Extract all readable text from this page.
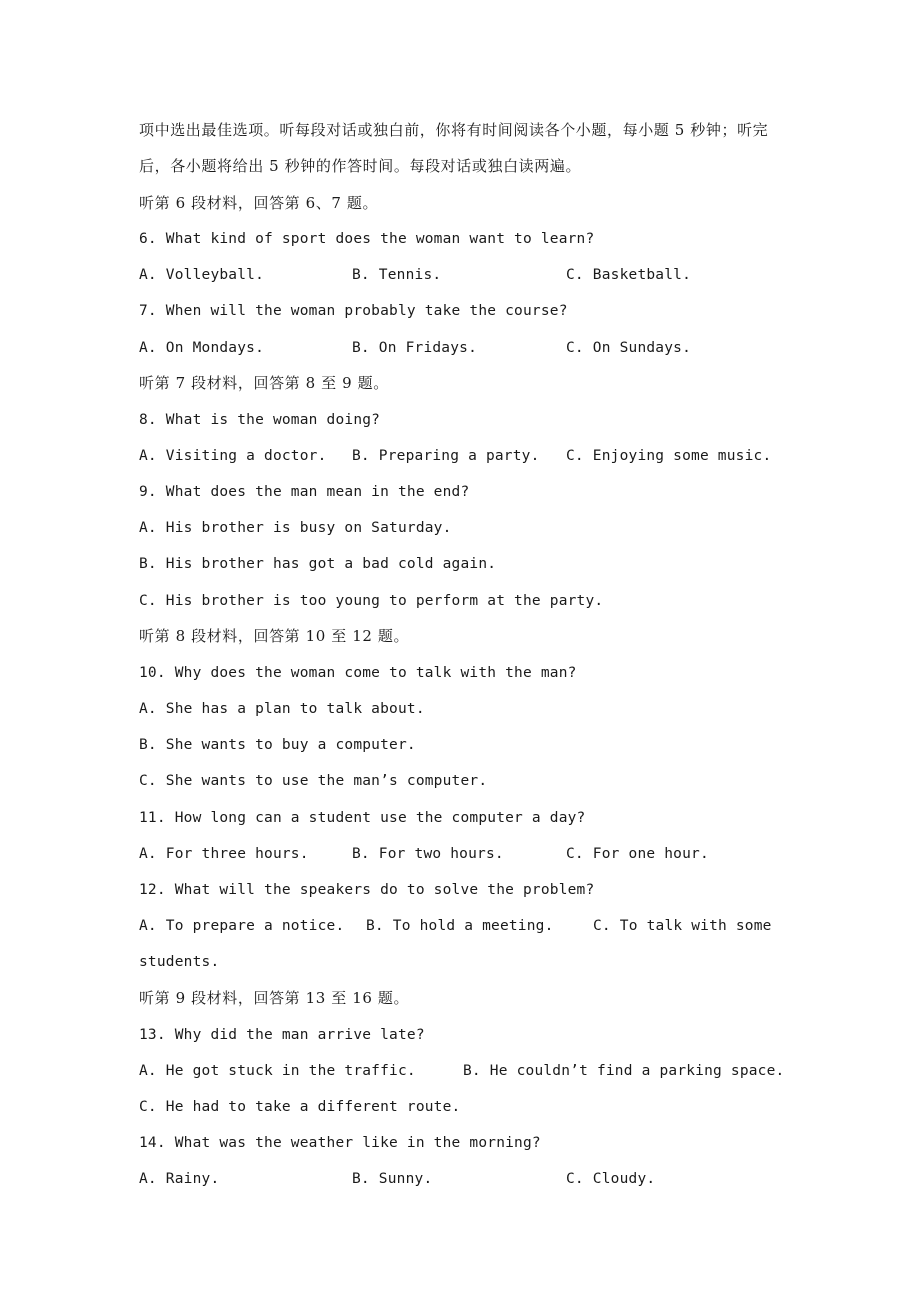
项中选出最佳选项。听每段对话或独白前，你将有时间阅读各个小题，每小题 5 秒钟；听完
后，各小题将给出 5 秒钟的作答时间。每段对话或独白读两遍。
听第 6 段材料，回答第 6、7 题。
6. What kind of sport does the woman want to learn?
A. Volleyball.	B. Tennis.	C. Basketball.
7. When will the woman probably take the course?
A. On Mondays.	B. On Fridays.	C. On Sundays.
听第 7 段材料，回答第 8 至 9 题。
8. What is the woman doing?
A. Visiting a doctor. B. Preparing a party. C. Enjoying some music.
9. What does the man mean in the end?
A. His brother is busy on Saturday.
B. His brother has got a bad cold again.
C. His brother is too young to perform at the party.
听第 8 段材料，回答第 10 至 12 题。
10. Why does the woman come to talk with the man?
A. She has a plan to talk about.
B. She wants to buy a computer.
C. She wants to use the man’s computer.
11. How long can a student use the computer a day?
A. For three hours.	B. For two hours.	C. For one hour.
12. What will the speakers do to solve the problem?
A. To prepare a notice. B. To hold a meeting.	C. To talk with some
students.
听第 9 段材料，回答第 13 至 16 题。
13. Why did the man arrive late?
A. He got stuck in the traffic.	B. He couldn’t find a parking space.
C. He had to take a different route.
14. What was the weather like in the morning?
A. Rainy.	B. Sunny.	C. Cloudy.
